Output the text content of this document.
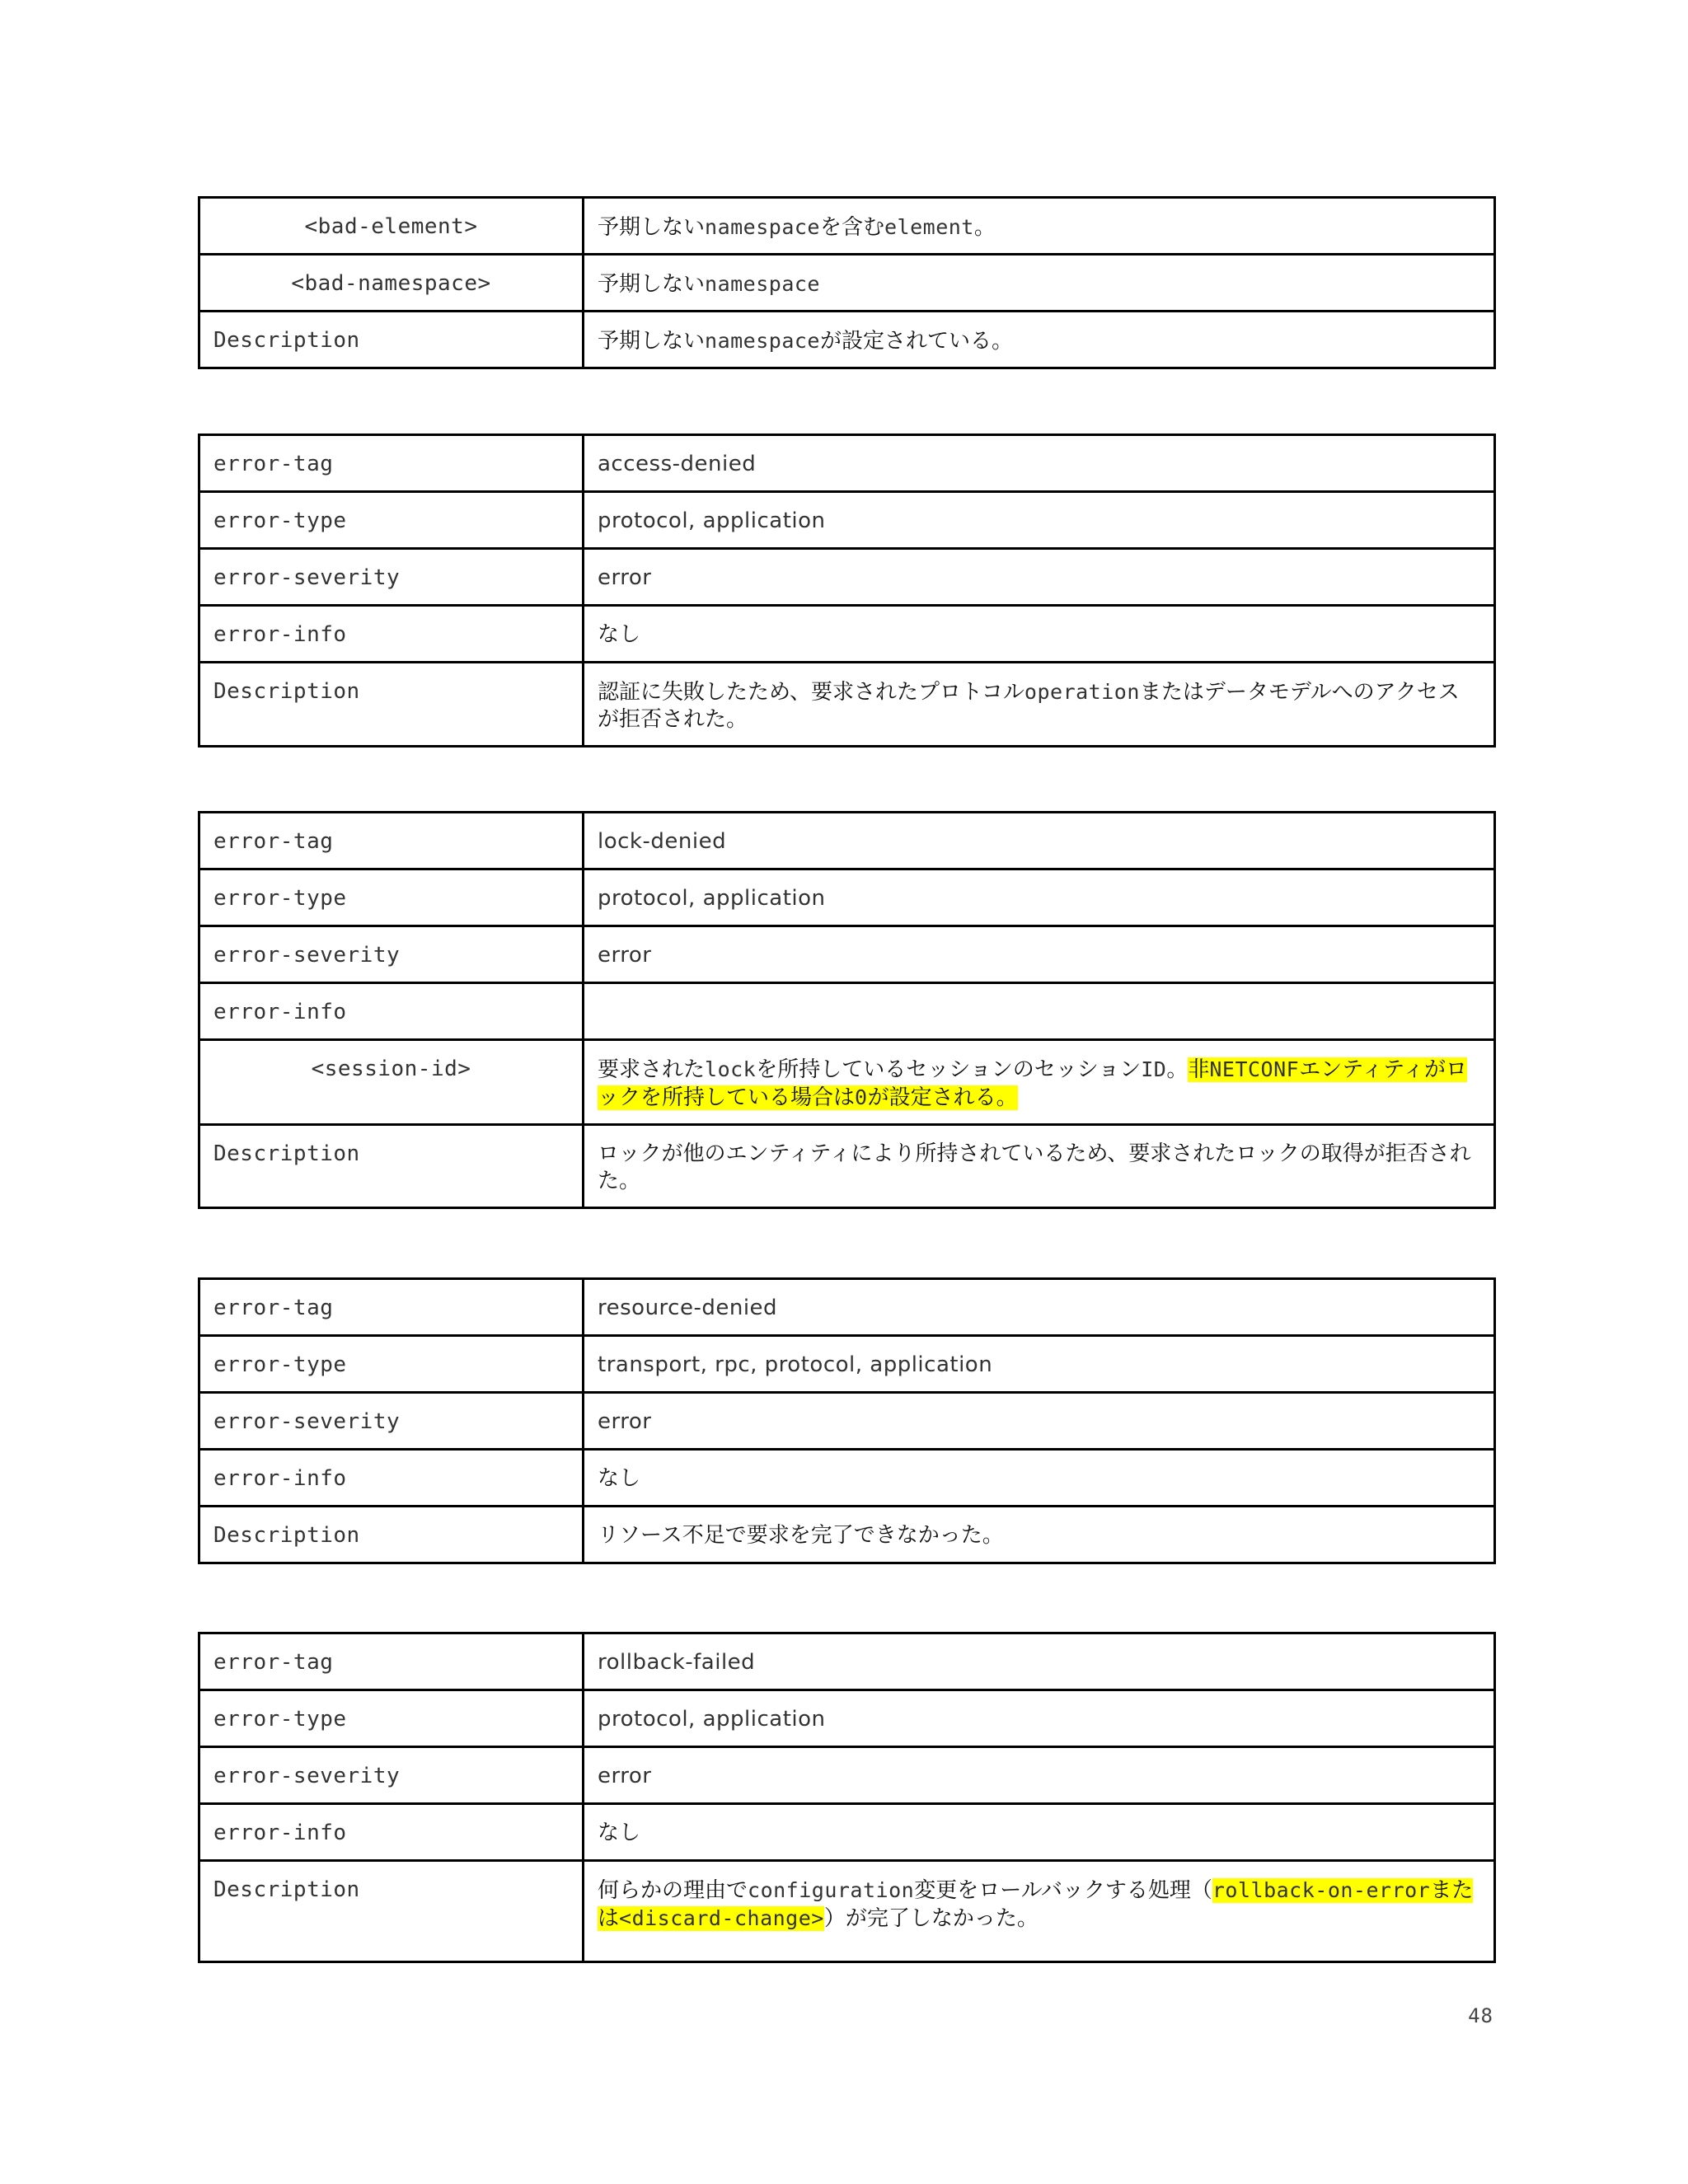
<bad-element>	予期しないnamespaceを含むelement。
<bad-namespace>	予期しないnamespace
Description	予期しないnamespaceが設定されている。
error-tag	access-denied
error-type	protocol, application
error-severity	error
error-info	なし
Description	認証に失敗したため、要求されたプロトコルoperationまたはデータモデルへのアクセスが拒否された。
error-tag	lock-denied
error-type	protocol, application
error-severity	error
error-info	
<session-id>	要求されたlockを所持しているセッションのセッションID。非NETCONFエンティティがロックを所持している場合は0が設定される。
Description	ロックが他のエンティティにより所持されているため、要求されたロックの取得が拒否された。
error-tag	resource-denied
error-type	transport, rpc, protocol, application
error-severity	error
error-info	なし
Description	リソース不足で要求を完了できなかった。
error-tag	rollback-failed
error-type	protocol, application
error-severity	error
error-info	なし
Description	何らかの理由でconfiguration変更をロールバックする処理（rollback-on-errorまたは<discard-change>）が完了しなかった。
48
